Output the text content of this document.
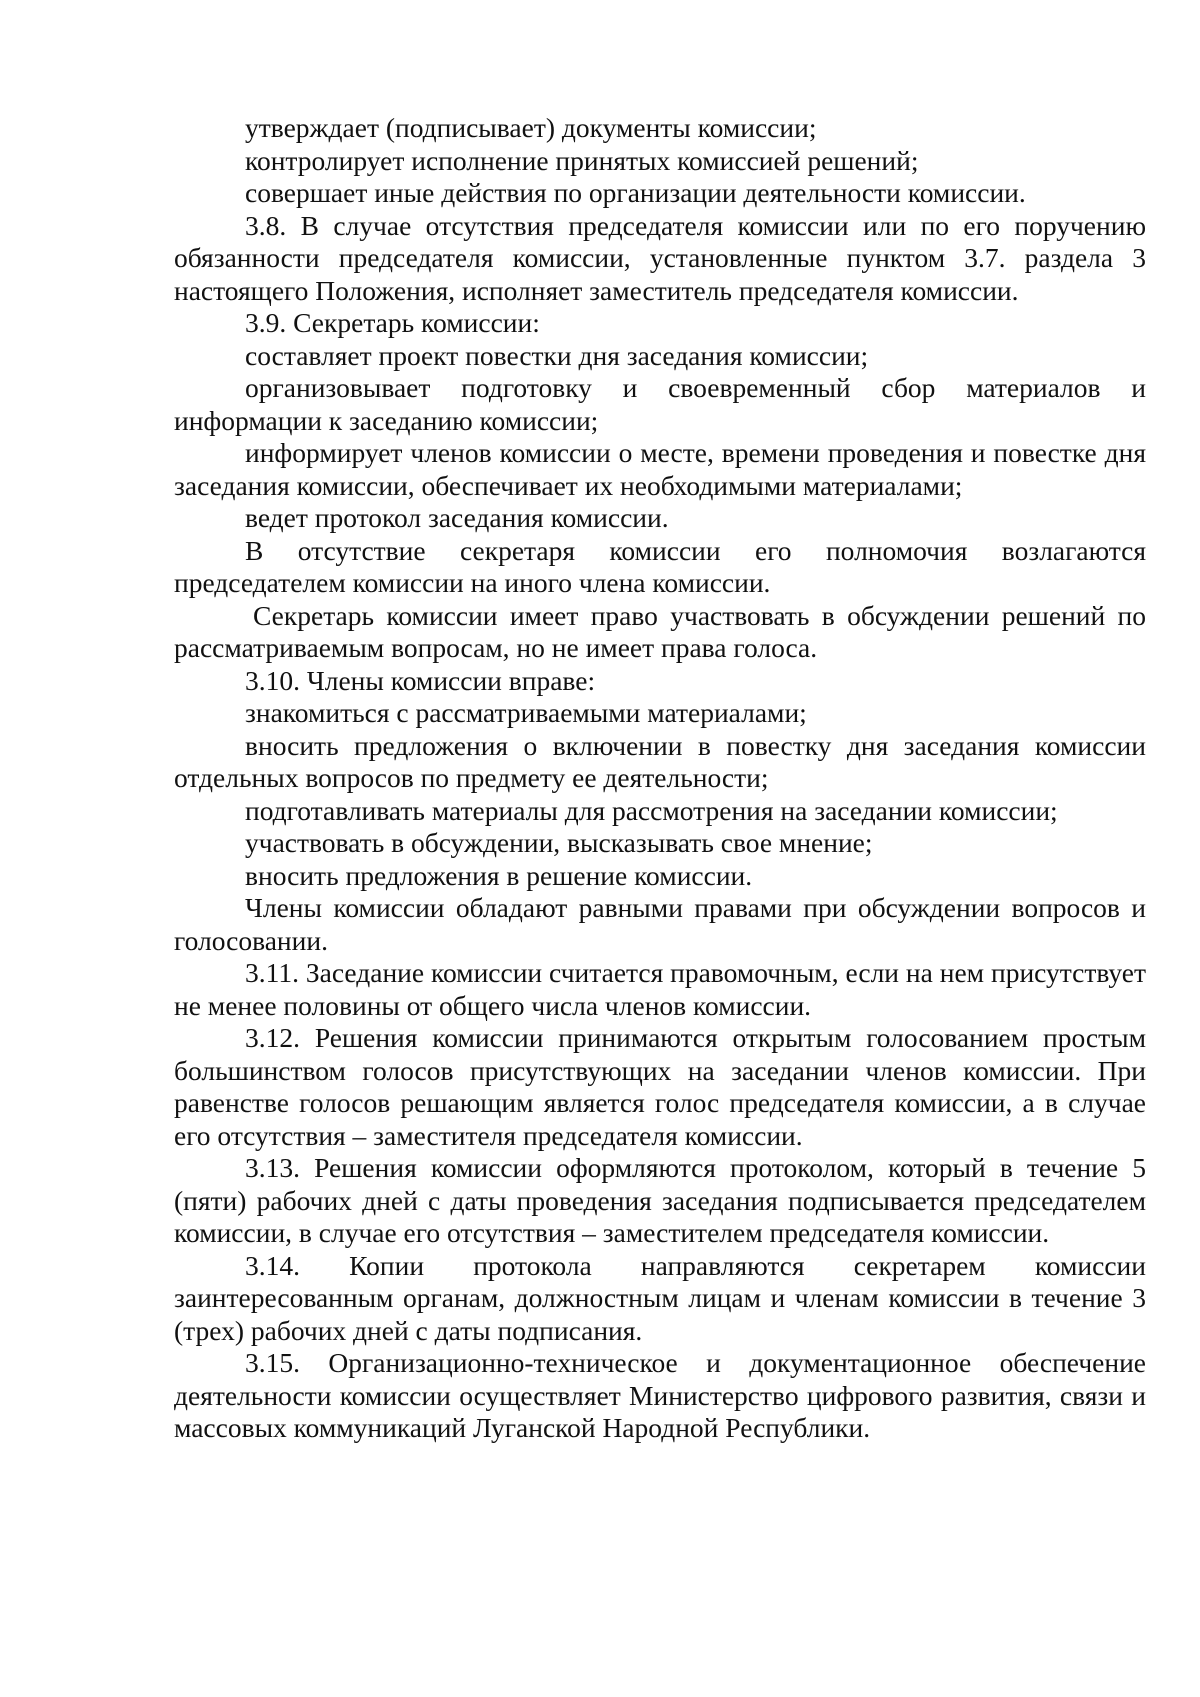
утверждает (подписывает) документы комиссии;

контролирует исполнение принятых комиссией решений;

совершает иные действия по организации деятельности комиссии.

3.8. В случае отсутствия председателя комиссии или по его поручению обязанности председателя комиссии, установленные пунктом 3.7. раздела 3 настоящего Положения, исполняет заместитель председателя комиссии.

3.9. Секретарь комиссии:

составляет проект повестки дня заседания комиссии;

организовывает подготовку и своевременный сбор материалов и информации к заседанию комиссии;

информирует членов комиссии о месте, времени проведения и повестке дня заседания комиссии, обеспечивает их необходимыми материалами;

ведет протокол заседания комиссии.

В отсутствие секретаря комиссии его полномочия возлагаются председателем комиссии на иного члена комиссии.

Секретарь комиссии имеет право участвовать в обсуждении решений по рассматриваемым вопросам, но не имеет права голоса.

3.10. Члены комиссии вправе:

знакомиться с рассматриваемыми материалами;

вносить предложения о включении в повестку дня заседания комиссии отдельных вопросов по предмету ее деятельности;

подготавливать материалы для рассмотрения на заседании комиссии;

участвовать в обсуждении, высказывать свое мнение;

вносить предложения в решение комиссии.

Члены комиссии обладают равными правами при обсуждении вопросов и голосовании.

3.11. Заседание комиссии считается правомочным, если на нем присутствует не менее половины от общего числа членов комиссии.

3.12. Решения комиссии принимаются открытым голосованием простым большинством голосов присутствующих на заседании членов комиссии. При равенстве голосов решающим является голос председателя комиссии, а в случае его отсутствия – заместителя председателя комиссии.

3.13. Решения комиссии оформляются протоколом, который в течение 5 (пяти) рабочих дней с даты проведения заседания подписывается председателем комиссии, в случае его отсутствия – заместителем председателя комиссии.

3.14. Копии протокола направляются секретарем комиссии заинтересованным органам, должностным лицам и членам комиссии в течение 3 (трех) рабочих дней с даты подписания.

3.15. Организационно-техническое и документационное обеспечение деятельности комиссии осуществляет Министерство цифрового развития, связи и массовых коммуникаций Луганской Народной Республики.
